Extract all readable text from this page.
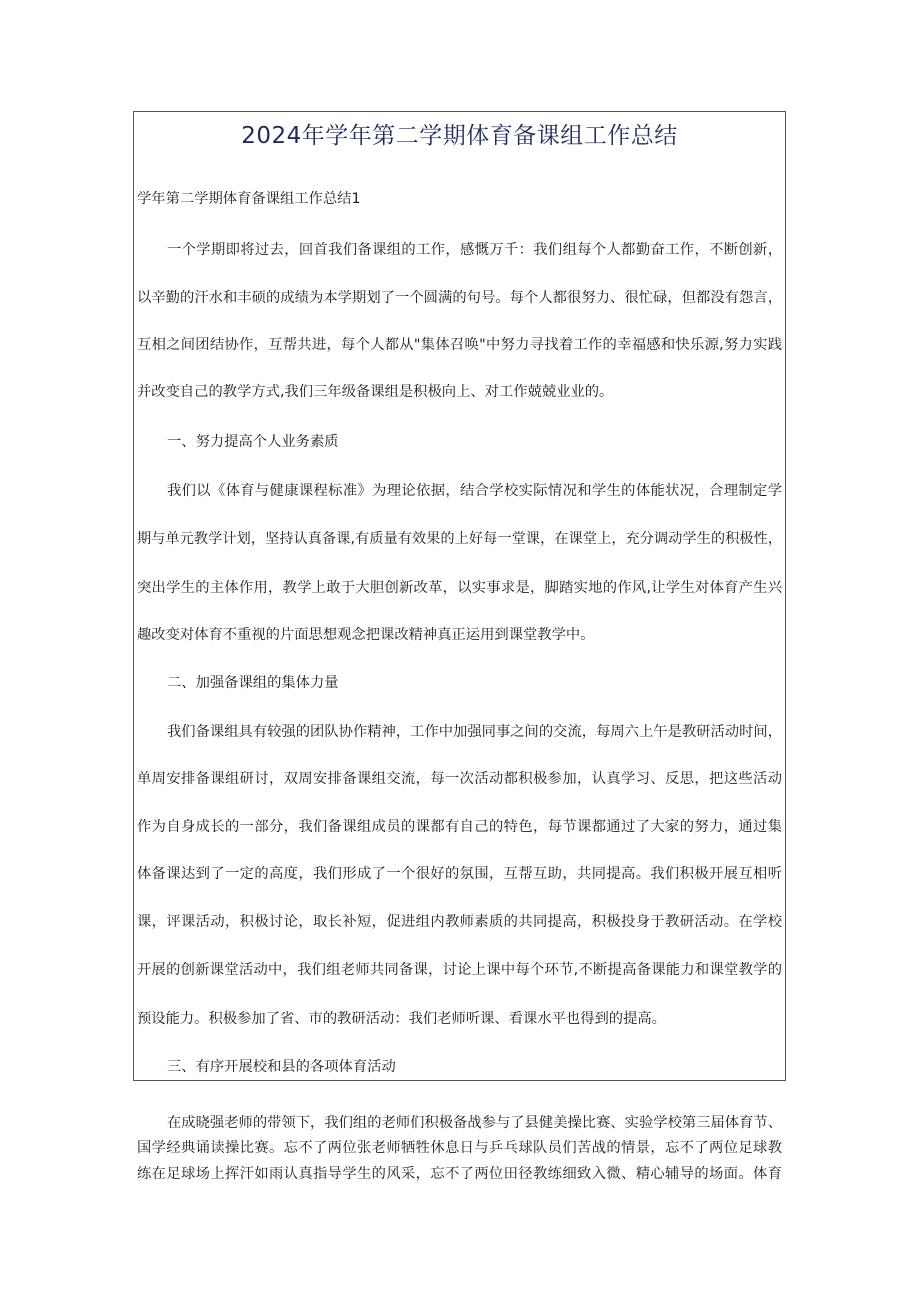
2024年学年第二学期体育备课组工作总结
学年第二学期体育备课组工作总结1
一个学期即将过去，回首我们备课组的工作，感慨万千：我们组每个人都勤奋工作，不断创新，
以辛勤的汗水和丰硕的成绩为本学期划了一个圆满的句号。每个人都很努力、很忙碌，但都没有怨言，
互相之间团结协作，互帮共进，每个人都从"集体召唤"中努力寻找着工作的幸福感和快乐源,努力实践
并改变自己的教学方式,我们三年级备课组是积极向上、对工作兢兢业业的。
一、努力提高个人业务素质
我们以《体育与健康课程标准》为理论依据，结合学校实际情况和学生的体能状况，合理制定学
期与单元教学计划，坚持认真备课,有质量有效果的上好每一堂课，在课堂上，充分调动学生的积极性，
突出学生的主体作用，教学上敢于大胆创新改革，以实事求是，脚踏实地的作风,让学生对体育产生兴
趣改变对体育不重视的片面思想观念把课改精神真正运用到课堂教学中。
二、加强备课组的集体力量
我们备课组具有较强的团队协作精神，工作中加强同事之间的交流，每周六上午是教研活动时间，
单周安排备课组研讨，双周安排备课组交流，每一次活动都积极参加，认真学习、反思，把这些活动
作为自身成长的一部分，我们备课组成员的课都有自己的特色，每节课都通过了大家的努力，通过集
体备课达到了一定的高度，我们形成了一个很好的氛围，互帮互助，共同提高。我们积极开展互相听
课，评课活动，积极讨论，取长补短，促进组内教师素质的共同提高，积极投身于教研活动。在学校
开展的创新课堂活动中，我们组老师共同备课，讨论上课中每个环节,不断提高备课能力和课堂教学的
预设能力。积极参加了省、市的教研活动：我们老师听课、看课水平也得到的提高。
三、有序开展校和县的各项体育活动
在成晓强老师的带领下，我们组的老师们积极备战参与了县健美操比赛、实验学校第三届体育节、
国学经典诵读操比赛。忘不了两位张老师牺牲休息日与乒乓球队员们苦战的情景，忘不了两位足球教
练在足球场上挥汗如雨认真指导学生的风采，忘不了两位田径教练细致入微、精心辅导的场面。体育
